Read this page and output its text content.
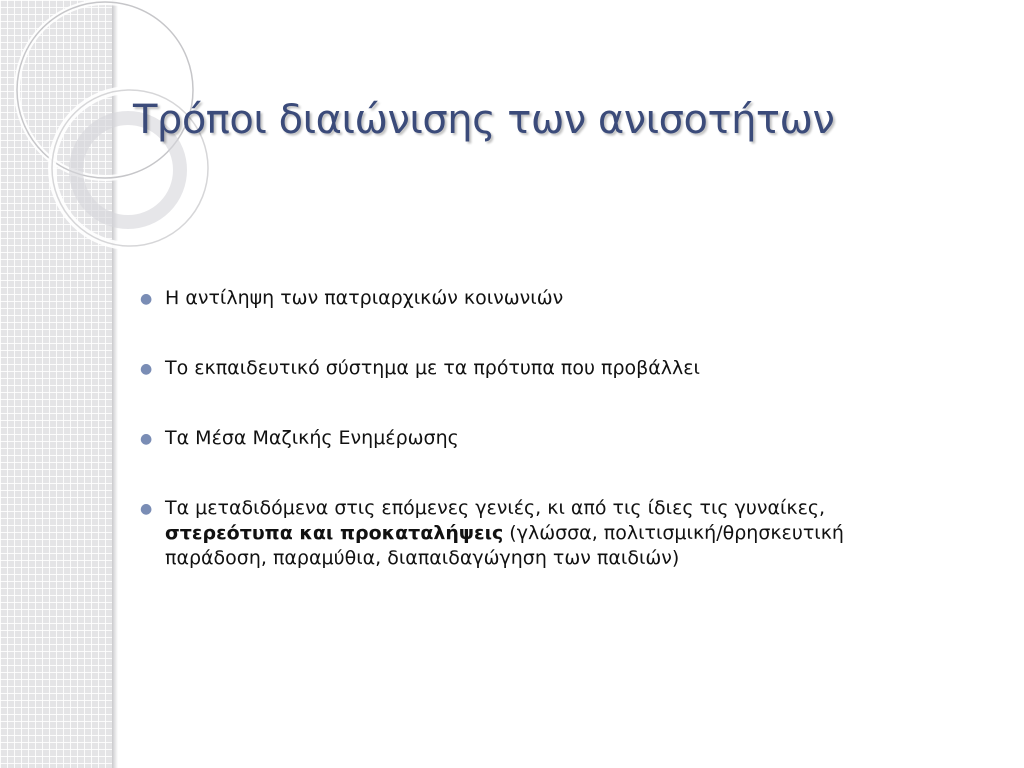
Τρόποι διαιώνισης των ανισοτήτων
● Η αντίληψη των πατριαρχικών κοινωνιών
● Το εκπαιδευτικό σύστημα με τα πρότυπα που προβάλλει
● Τα Μέσα Μαζικής Ενημέρωσης
● Τα μεταδιδόμενα στις επόμενες γενιές, κι από τις ίδιες τις γυναίκες, στερεότυπα και προκαταλήψεις (γλώσσα, πολιτισμική/θρησκευτική παράδοση, παραμύθια, διαπαιδαγώγηση των παιδιών)
